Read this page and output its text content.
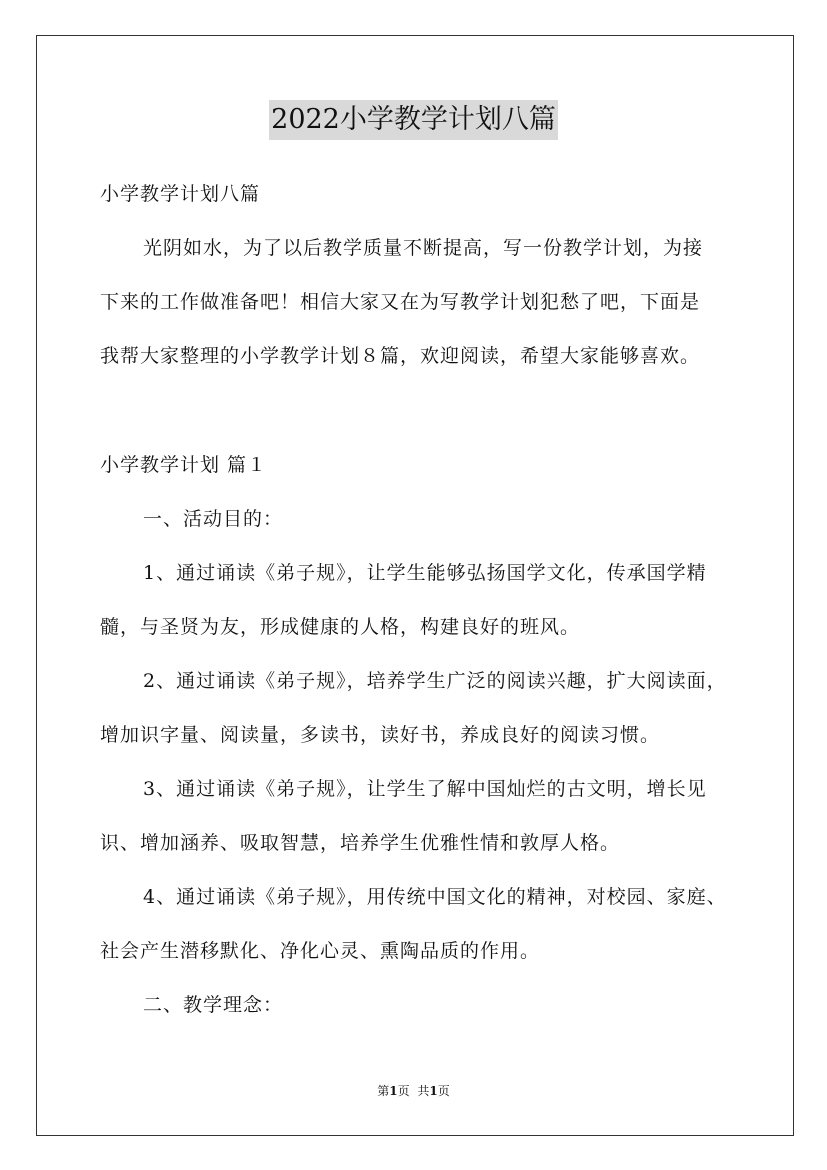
2022小学教学计划八篇
小学教学计划八篇
光阴如水，为了以后教学质量不断提高，写一份教学计划，为接
下来的工作做准备吧！相信大家又在为写教学计划犯愁了吧，下面是
我帮大家整理的小学教学计划８篇，欢迎阅读，希望大家能够喜欢。
小学教学计划 篇１
一、活动目的：
1、通过诵读《弟子规》，让学生能够弘扬国学文化，传承国学精
髓，与圣贤为友，形成健康的人格，构建良好的班风。
2、通过诵读《弟子规》，培养学生广泛的阅读兴趣，扩大阅读面，
增加识字量、阅读量，多读书，读好书，养成良好的阅读习惯。
3、通过诵读《弟子规》，让学生了解中国灿烂的古文明，增长见
识、增加涵养、吸取智慧，培养学生优雅性情和敦厚人格。
4、通过诵读《弟子规》，用传统中国文化的精神，对校园、家庭、
社会产生潜移默化、净化心灵、熏陶品质的作用。
二、教学理念：
第1页 共1页
